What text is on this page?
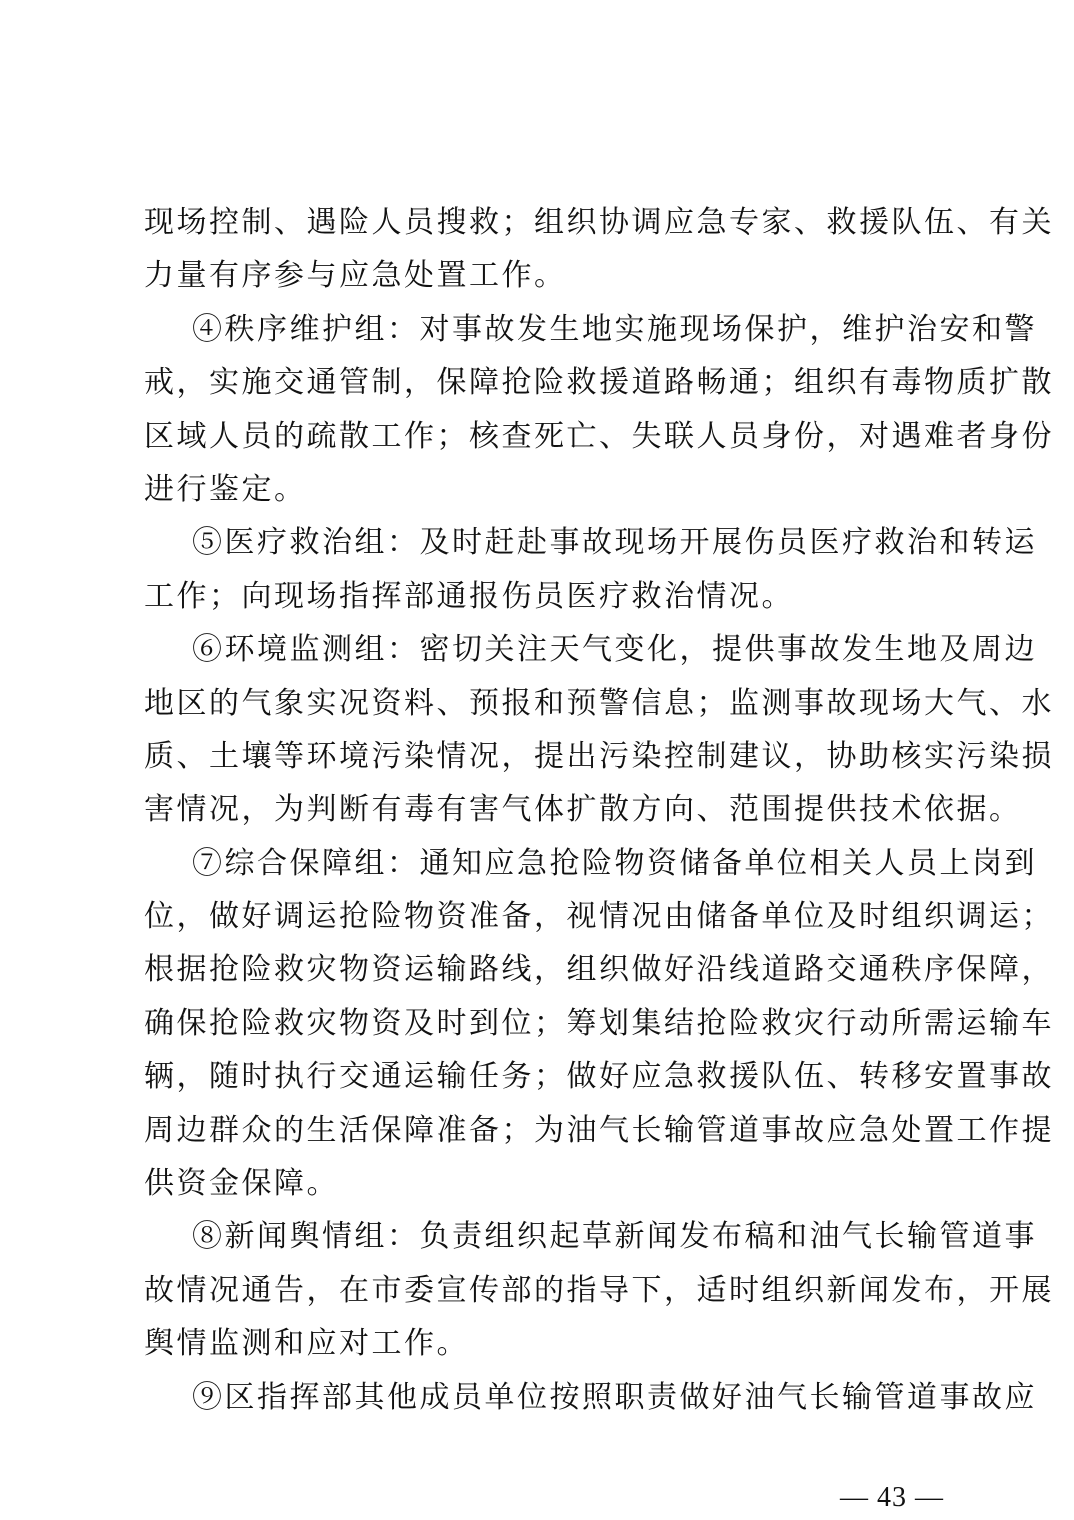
现场控制、遇险人员搜救；组织协调应急专家、救援队伍、有关
力量有序参与应急处置工作。
④秩序维护组：对事故发生地实施现场保护，维护治安和警
戒，实施交通管制，保障抢险救援道路畅通；组织有毒物质扩散
区域人员的疏散工作；核查死亡、失联人员身份，对遇难者身份
进行鉴定。
⑤医疗救治组：及时赶赴事故现场开展伤员医疗救治和转运
工作；向现场指挥部通报伤员医疗救治情况。
⑥环境监测组：密切关注天气变化，提供事故发生地及周边
地区的气象实况资料、预报和预警信息；监测事故现场大气、水
质、土壤等环境污染情况，提出污染控制建议，协助核实污染损
害情况，为判断有毒有害气体扩散方向、范围提供技术依据。
⑦综合保障组：通知应急抢险物资储备单位相关人员上岗到
位，做好调运抢险物资准备，视情况由储备单位及时组织调运；
根据抢险救灾物资运输路线，组织做好沿线道路交通秩序保障，
确保抢险救灾物资及时到位；筹划集结抢险救灾行动所需运输车
辆，随时执行交通运输任务；做好应急救援队伍、转移安置事故
周边群众的生活保障准备；为油气长输管道事故应急处置工作提
供资金保障。
⑧新闻舆情组：负责组织起草新闻发布稿和油气长输管道事
故情况通告，在市委宣传部的指导下，适时组织新闻发布，开展
舆情监测和应对工作。
⑨区指挥部其他成员单位按照职责做好油气长输管道事故应
— 43 —
